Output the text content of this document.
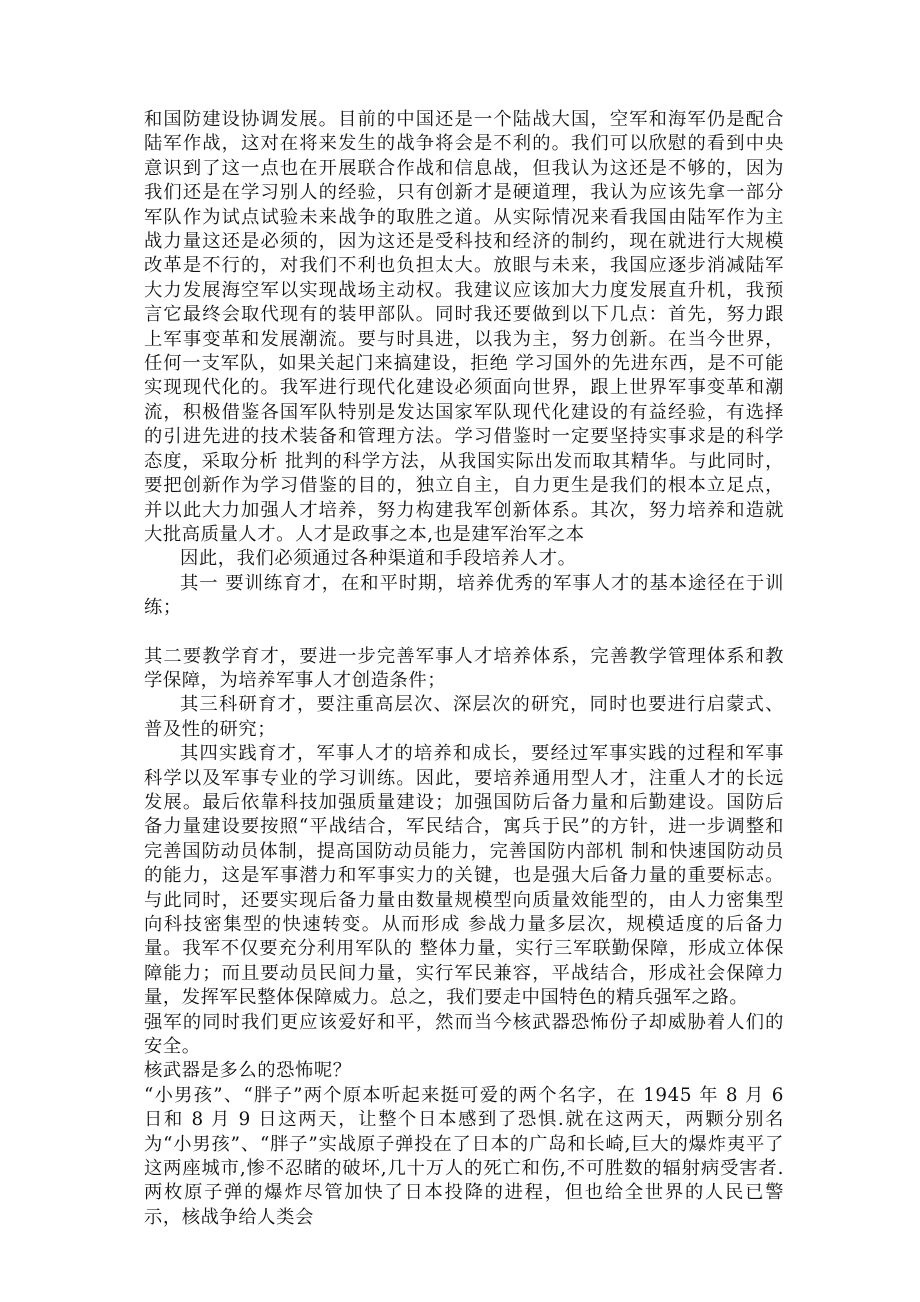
和国防建设协调发展。目前的中国还是一个陆战大国，空军和海军仍是配合陆军作战，这对在将来发生的战争将会是不利的。我们可以欣慰的看到中央意识到了这一点也在开展联合作战和信息战，但我认为这还是不够的，因为我们还是在学习别人的经验，只有创新才是硬道理，我认为应该先拿一部分军队作为试点试验未来战争的取胜之道。从实际情况来看我国由陆军作为主战力量这还是必须的，因为这还是受科技和经济的制约，现在就进行大规模改革是不行的，对我们不利也负担太大。放眼与未来，我国应逐步消减陆军大力发展海空军以实现战场主动权。我建议应该加大力度发展直升机，我预言它最终会取代现有的装甲部队。同时我还要做到以下几点：首先，努力跟上军事变革和发展潮流。要与时具进，以我为主，努力创新。在当今世界，任何一支军队，如果关起门来搞建设，拒绝 学习国外的先进东西，是不可能实现现代化的。我军进行现代化建设必须面向世界，跟上世界军事变革和潮流，积极借鉴各国军队特别是发达国家军队现代化建设的有益经验，有选择的引进先进的技术装备和管理方法。学习借鉴时一定要坚持实事求是的科学态度，采取分析 批判的科学方法，从我国实际出发而取其精华。与此同时，要把创新作为学习借鉴的目的，独立自主，自力更生是我们的根本立足点，并以此大力加强人才培养，努力构建我军创新体系。其次，努力培养和造就大批高质量人才。人才是政事之本,也是建军治军之本

因此，我们必须通过各种渠道和手段培养人才。

其一 要训练育才，在和平时期，培养优秀的军事人才的基本途径在于训练；

其二要教学育才，要进一步完善军事人才培养体系，完善教学管理体系和教学保障，为培养军事人才创造条件；

其三科研育才，要注重高层次、深层次的研究，同时也要进行启蒙式、普及性的研究；

其四实践育才，军事人才的培养和成长，要经过军事实践的过程和军事科学以及军事专业的学习训练。因此，要培养通用型人才，注重人才的长远发展。最后依靠科技加强质量建设；加强国防后备力量和后勤建设。国防后备力量建设要按照“平战结合，军民结合，寓兵于民”的方针，进一步调整和完善国防动员体制，提高国防动员能力，完善国防内部机 制和快速国防动员的能力，这是军事潜力和军事实力的关键，也是强大后备力量的重要标志。与此同时，还要实现后备力量由数量规模型向质量效能型的，由人力密集型向科技密集型的快速转变。从而形成 参战力量多层次，规模适度的后备力量。我军不仅要充分利用军队的 整体力量，实行三军联勤保障，形成立体保障能力；而且要动员民间力量，实行军民兼容，平战结合，形成社会保障力量，发挥军民整体保障威力。总之，我们要走中国特色的精兵强军之路。

强军的同时我们更应该爱好和平，然而当今核武器恐怖份子却威胁着人们的安全。

核武器是多么的恐怖呢？

“小男孩”、“胖子”两个原本听起来挺可爱的两个名字，在 1945 年 8 月 6 日和 8 月 9 日这两天，让整个日本感到了恐惧.就在这两天，两颗分别名为“小男孩”、“胖子”实战原子弹投在了日本的广岛和长崎,巨大的爆炸夷平了这两座城市,惨不忍睹的破坏,几十万人的死亡和伤,不可胜数的辐射病受害者.两枚原子弹的爆炸尽管加快了日本投降的进程，但也给全世界的人民已警示，核战争给人类会
